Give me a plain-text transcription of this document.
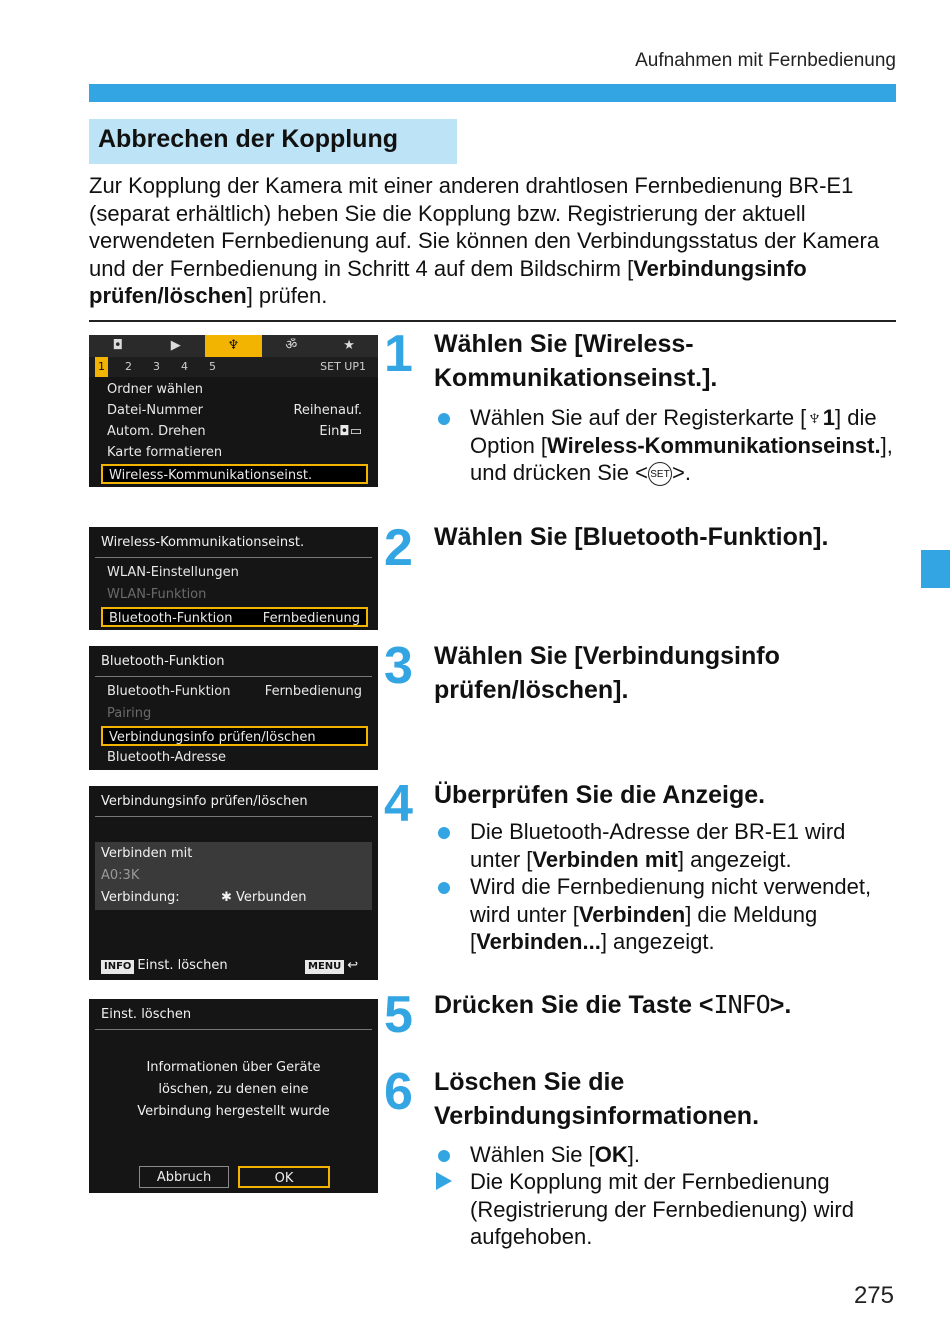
Aufnahmen mit Fernbedienung
Abbrechen der Kopplung
Zur Kopplung der Kamera mit einer anderen drahtlosen Fernbedienung BR-E1 (separat erhältlich) heben Sie die Kopplung bzw. Registrierung der aktuell verwendeten Fernbedienung auf. Sie können den Verbindungsstatus der Kamera und der Fernbedienung in Schritt 4 auf dem Bildschirm [Verbindungsinfo prüfen/löschen] prüfen.
◘	▶	♆	ॐ	★
1 2 3 4 5	SET UP1
Ordner wählen
Datei-Nummer	Reihenauf.
Autom. Drehen	Ein◘▭
Karte formatieren
Wireless-Kommunikationseinst.
Wireless-Kommunikationseinst.
WLAN-Einstellungen
WLAN-Funktion
Bluetooth-Funktion	Fernbedienung
Bluetooth-Funktion
Bluetooth-Funktion	Fernbedienung
Pairing
Verbindungsinfo prüfen/löschen
Bluetooth-Adresse
Verbindungsinfo prüfen/löschen
Verbinden mit
A0:3K
Verbindung:	✱ Verbunden
INFO Einst. löschen	MENU ↩
Einst. löschen
Informationen über Geräte
löschen, zu denen eine
Verbindung hergestellt wurde
Abbruch	OK
1 Wählen Sie [Wireless-Kommunikationseinst.].
Wählen Sie auf der Registerkarte [♆1] die Option [Wireless-Kommunikationseinst.], und drücken Sie < SET >.
2 Wählen Sie [Bluetooth-Funktion].
3 Wählen Sie [Verbindungsinfo prüfen/löschen].
4 Überprüfen Sie die Anzeige.
Die Bluetooth-Adresse der BR-E1 wird unter [Verbinden mit] angezeigt.
Wird die Fernbedienung nicht verwendet, wird unter [Verbinden] die Meldung [Verbinden...] angezeigt.
5 Drücken Sie die Taste <INFO>.
6 Löschen Sie die Verbindungsinformationen.
Wählen Sie [OK].
Die Kopplung mit der Fernbedienung (Registrierung der Fernbedienung) wird aufgehoben.
275
